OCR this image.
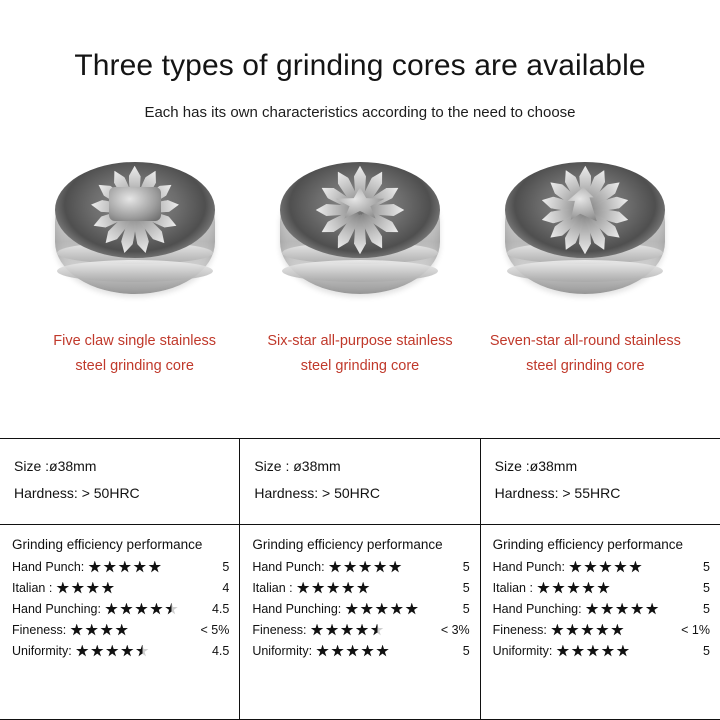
Three types of grinding cores are available
Each has its own characteristics according to the need to choose
Five claw single stainless
steel grinding core
Six-star all-purpose stainless
steel grinding core
Seven-star all-round stainless
steel grinding core
Size :ø38mm
Hardness: > 50HRC
Grinding efficiency performance
Hand Punch:	5
Italian :	4
Hand Punching:	4.5
Fineness:	< 5%
Uniformity:	4.5
Size : ø38mm
Hardness: > 50HRC
Grinding efficiency performance
Hand Punch:	5
Italian :	5
Hand Punching:	5
Fineness:	< 3%
Uniformity:	5
Size :ø38mm
Hardness: > 55HRC
Grinding efficiency performance
Hand Punch:	5
Italian :	5
Hand Punching:	5
Fineness:	< 1%
Uniformity:	5
